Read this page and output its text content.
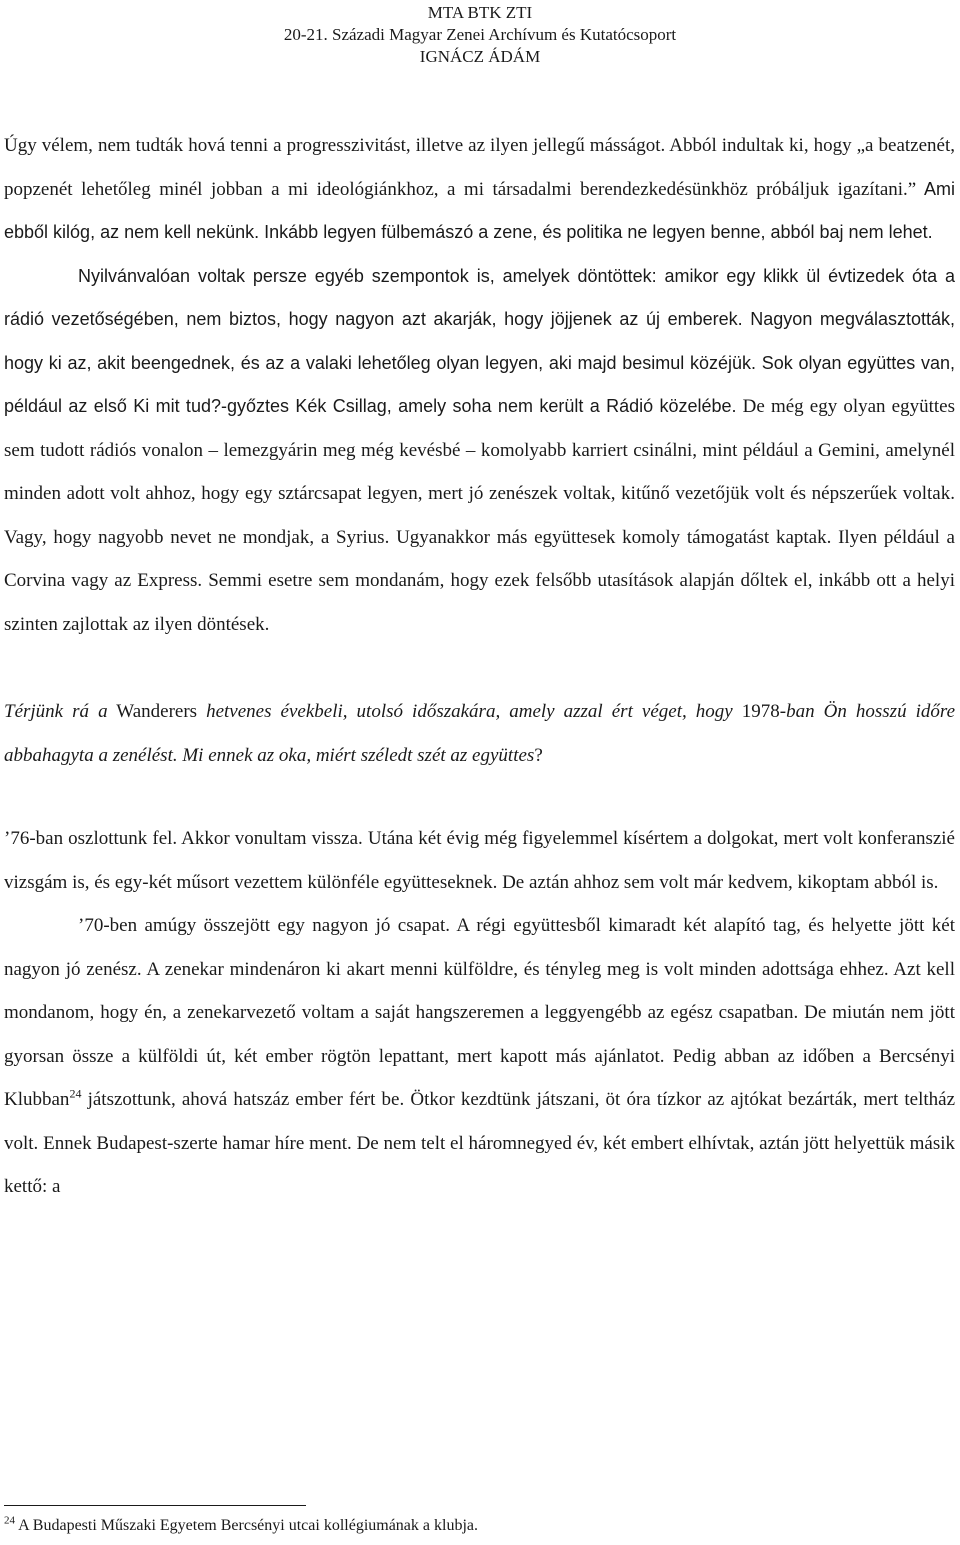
MTA BTK ZTI
20-21. Századi Magyar Zenei Archívum és Kutatócsoport
IGNÁCZ ÁDÁM

Úgy vélem, nem tudták hová tenni a progresszivitást, illetve az ilyen jellegű másságot. Abból indultak ki, hogy „a beatzenét, popzenét lehetőleg minél jobban a mi ideológiánkhoz, a mi társadalmi berendezkedésünkhöz próbáljuk igazítani.” Ami ebből kilóg, az nem kell nekünk. Inkább legyen fülbemászó a zene, és politika ne legyen benne, abból baj nem lehet.

Nyilvánvalóan voltak persze egyéb szempontok is, amelyek döntöttek: amikor egy klikk ül évtizedek óta a rádió vezetőségében, nem biztos, hogy nagyon azt akarják, hogy jöjjenek az új emberek. Nagyon megválasztották, hogy ki az, akit beengednek, és az a valaki lehetőleg olyan legyen, aki majd besimul közéjük. Sok olyan együttes van, például az első Ki mit tud?-győztes Kék Csillag, amely soha nem került a Rádió közelébe. De még egy olyan együttes sem tudott rádiós vonalon – lemezgyárin meg még kevésbé – komolyabb karriert csinálni, mint például a Gemini, amelynél minden adott volt ahhoz, hogy egy sztárcsapat legyen, mert jó zenészek voltak, kitűnő vezetőjük volt és népszerűek voltak. Vagy, hogy nagyobb nevet ne mondjak, a Syrius. Ugyanakkor más együttesek komoly támogatást kaptak. Ilyen például a Corvina vagy az Express. Semmi esetre sem mondanám, hogy ezek felsőbb utasítások alapján dőltek el, inkább ott a helyi szinten zajlottak az ilyen döntések.

Térjünk rá a Wanderers hetvenes évekbeli, utolsó időszakára, amely azzal ért véget, hogy 1978-ban Ön hosszú időre abbahagyta a zenélést. Mi ennek az oka, miért széledt szét az együttes?

’76-ban oszlottunk fel. Akkor vonultam vissza. Utána két évig még figyelemmel kísértem a dolgokat, mert volt konferanszié vizsgám is, és egy-két műsort vezettem különféle együtteseknek. De aztán ahhoz sem volt már kedvem, kikoptam abból is.

’70-ben amúgy összejött egy nagyon jó csapat. A régi együttesből kimaradt két alapító tag, és helyette jött két nagyon jó zenész. A zenekar mindenáron ki akart menni külföldre, és tényleg meg is volt minden adottsága ehhez. Azt kell mondanom, hogy én, a zenekarvezető voltam a saját hangszeremen a leggyengébb az egész csapatban. De miután nem jött gyorsan össze a külföldi út, két ember rögtön lepattant, mert kapott más ajánlatot. Pedig abban az időben a Bercsényi Klubban$^{24}$ játszottunk, ahová hatszáz ember fért be. Ötkor kezdtünk játszani, öt óra tízkor az ajtókat bezárták, mert teltház volt. Ennek Budapest-szerte hamar híre ment. De nem telt el háromnegyed év, két embert elhívtak, aztán jött helyettük másik kettő: a

$^{24}$ A Budapesti Műszaki Egyetem Bercsényi utcai kollégiumának a klubja.
